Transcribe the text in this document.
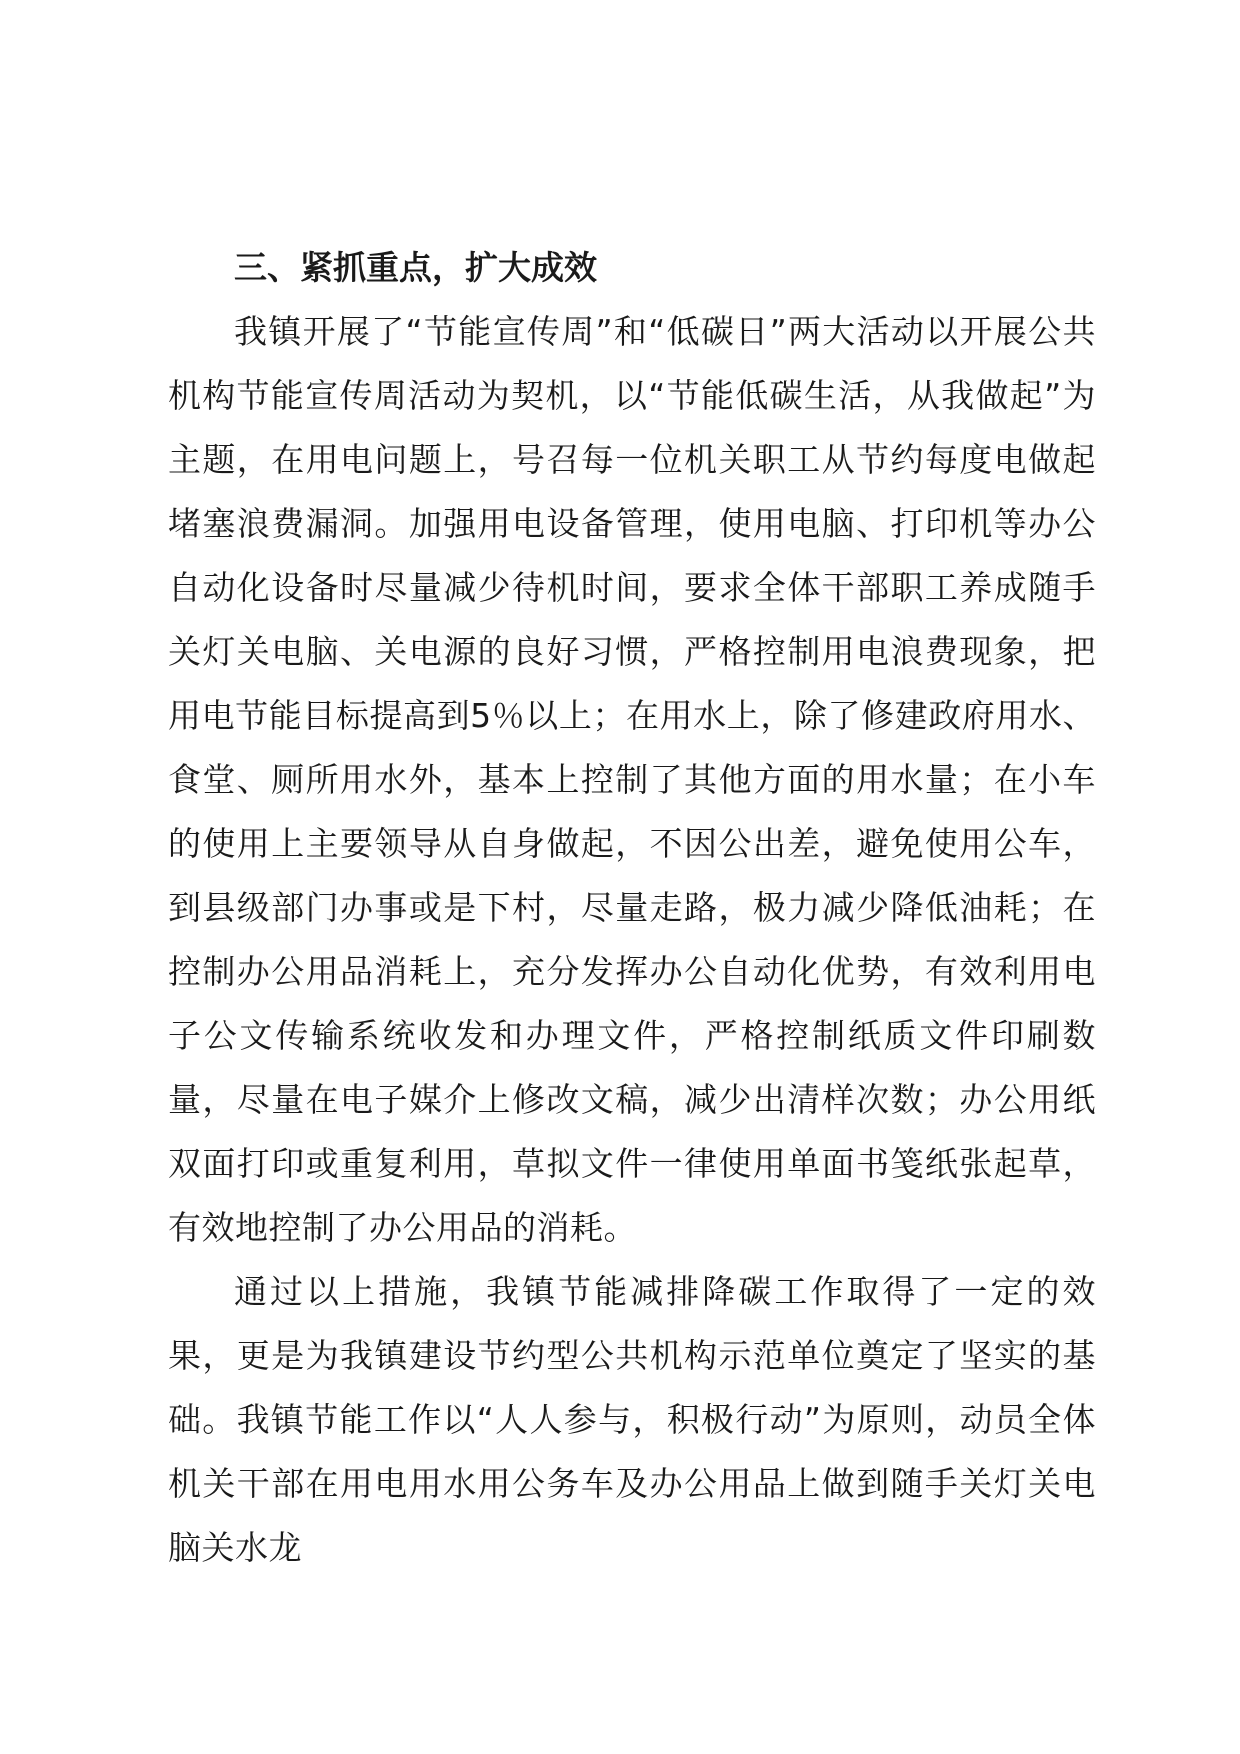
三、紧抓重点，扩大成效

我镇开展了“节能宣传周”和“低碳日”两大活动以开展公共机构节能宣传周活动为契机，以“节能低碳生活，从我做起”为主题，在用电问题上，号召每一位机关职工从节约每度电做起堵塞浪费漏洞。加强用电设备管理，使用电脑、打印机等办公自动化设备时尽量减少待机时间，要求全体干部职工养成随手关灯关电脑、关电源的良好习惯，严格控制用电浪费现象，把用电节能目标提高到5％以上；在用水上，除了修建政府用水、食堂、厕所用水外，基本上控制了其他方面的用水量；在小车的使用上主要领导从自身做起，不因公出差，避免使用公车，到县级部门办事或是下村，尽量走路，极力减少降低油耗；在控制办公用品消耗上，充分发挥办公自动化优势，有效利用电子公文传输系统收发和办理文件，严格控制纸质文件印刷数量，尽量在电子媒介上修改文稿，减少出清样次数；办公用纸双面打印或重复利用，草拟文件一律使用单面书笺纸张起草，有效地控制了办公用品的消耗。

通过以上措施，我镇节能减排降碳工作取得了一定的效果，更是为我镇建设节约型公共机构示范单位奠定了坚实的基础。我镇节能工作以“人人参与，积极行动”为原则，动员全体机关干部在用电用水用公务车及办公用品上做到随手关灯关电脑关水龙
